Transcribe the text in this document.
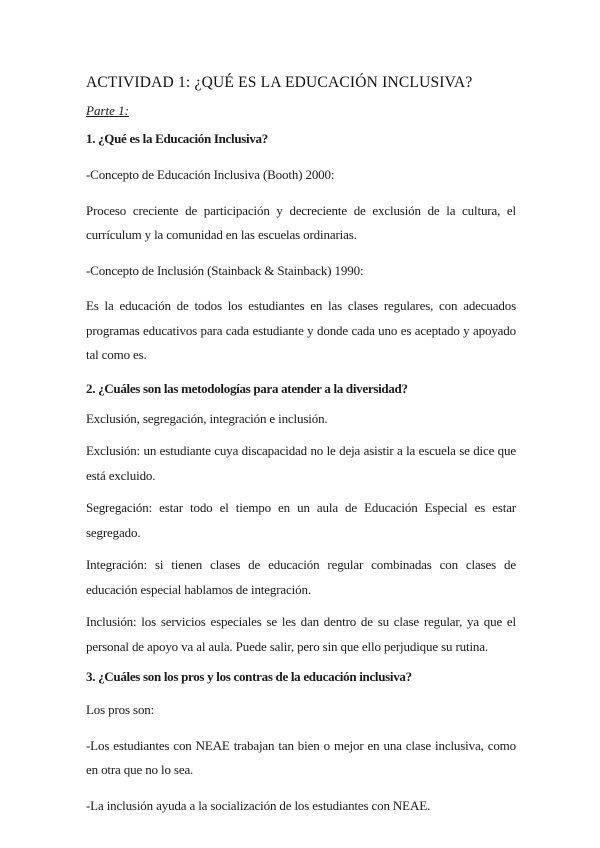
ACTIVIDAD 1: ¿QUÉ ES LA EDUCACIÓN INCLUSIVA?
Parte 1:
1. ¿Qué es la Educación Inclusiva?

-Concepto de Educación Inclusiva (Booth) 2000:

Proceso creciente de participación y decreciente de exclusión de la cultura, el currículum y la comunidad en las escuelas ordinarias.

-Concepto de Inclusión (Stainback & Stainback) 1990:

Es la educación de todos los estudiantes en las clases regulares, con adecuados programas educativos para cada estudiante y donde cada uno es aceptado y apoyado tal como es.

2. ¿Cuáles son las metodologías para atender a la diversidad?

Exclusión, segregación, integración e inclusión.

Exclusión: un estudiante cuya discapacidad no le deja asistir a la escuela se dice que está excluido.

Segregación: estar todo el tiempo en un aula de Educación Especial es estar segregado.

Integración: si tienen clases de educación regular combinadas con clases de educación especial hablamos de integración.

Inclusión: los servicios especiales se les dan dentro de su clase regular, ya que el personal de apoyo va al aula. Puede salir, pero sin que ello perjudique su rutina.

3. ¿Cuáles son los pros y los contras de la educación inclusiva?

Los pros son:

-Los estudiantes con NEAE trabajan tan bien o mejor en una clase inclusiva, como en otra que no lo sea.

-La inclusión ayuda a la socialización de los estudiantes con NEAE.
